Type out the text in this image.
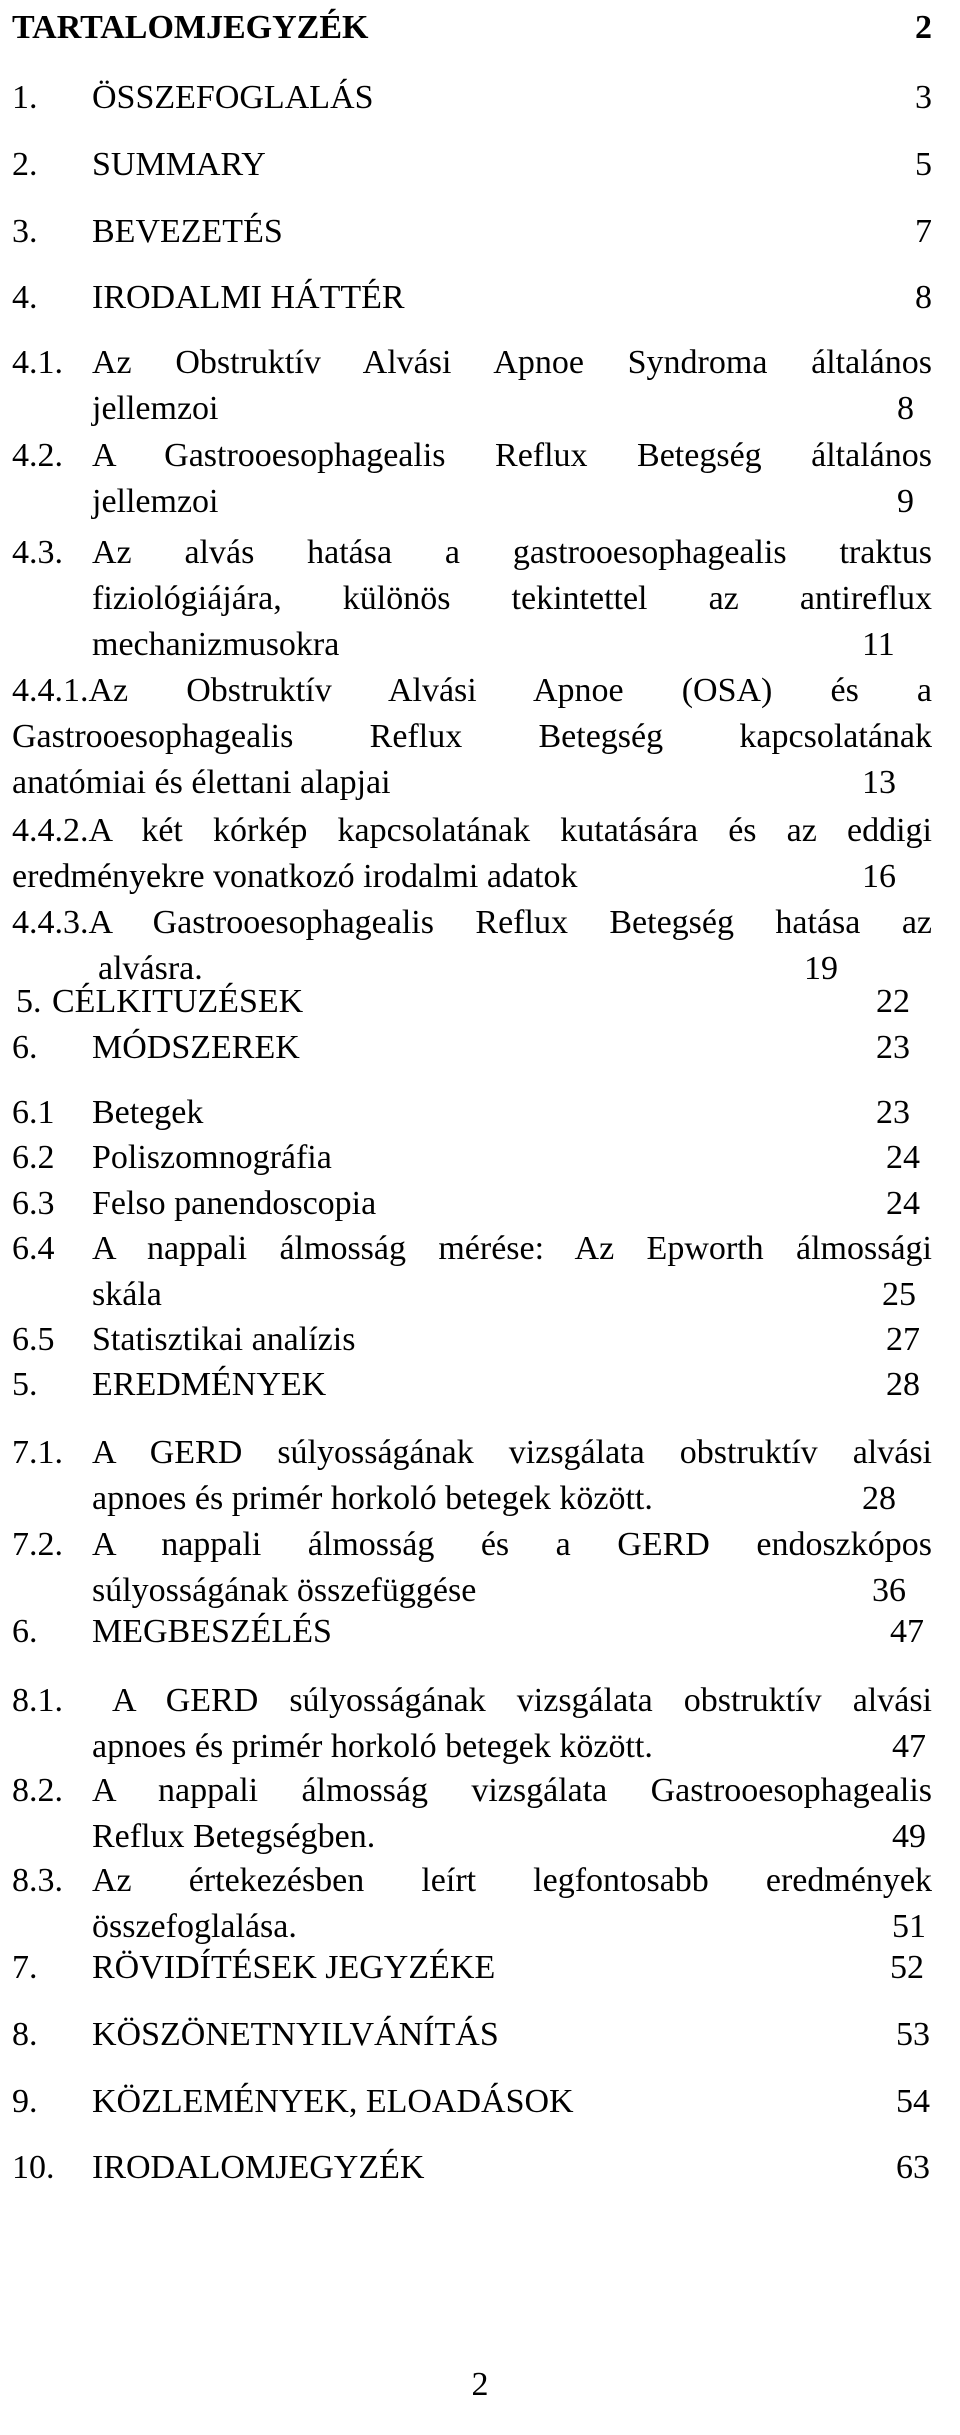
TARTALOMJEGYZÉK	2
1. ÖSSZEFOGLALÁS	3
2. SUMMARY	5
3. BEVEZETÉS	7
4. IRODALMI HÁTTÉR	8
4.1. Az Obstruktív Alvási Apnoe Syndroma általános
jellemzoi	8
4.2. A Gastrooesophagealis Reflux Betegség általános
jellemzoi	9
4.3. Az alvás hatása a gastrooesophagealis traktus
fiziológiájára, különös tekintettel az antireflux
mechanizmusokra	11
4.4.1.Az Obstruktív Alvási Apnoe (OSA) és a
Gastrooesophagealis Reflux Betegség kapcsolatának
anatómiai és élettani alapjai	13
4.4.2.A két kórkép kapcsolatának kutatására és az eddigi
eredményekre vonatkozó irodalmi adatok	16
4.4.3.A Gastrooesophagealis Reflux Betegség hatása az
alvásra.	19
5. CÉLKITUZÉSEK	22
6. MÓDSZEREK	23
6.1 Betegek	23
6.2 Poliszomnográfia	24
6.3 Felso panendoscopia	24
6.4 A nappali álmosság mérése: Az Epworth álmossági
skála	25
6.5 Statisztikai analízis	27
5. EREDMÉNYEK	28
7.1. A GERD súlyosságának vizsgálata obstruktív alvási
apnoes és primér horkoló betegek között.	28
7.2. A nappali álmosság és a GERD endoszkópos
súlyosságának összefüggése	36
6. MEGBESZÉLÉS	47
8.1. A GERD súlyosságának vizsgálata obstruktív alvási
apnoes és primér horkoló betegek között.	47
8.2. A nappali álmosság vizsgálata Gastrooesophagealis
Reflux Betegségben.	49
8.3. Az értekezésben leírt legfontosabb eredmények
összefoglalása.	51
7. RÖVIDÍTÉSEK JEGYZÉKE	52
8. KÖSZÖNETNYILVÁNÍTÁS	53
9. KÖZLEMÉNYEK, ELOADÁSOK	54
10. IRODALOMJEGYZÉK	63
2
